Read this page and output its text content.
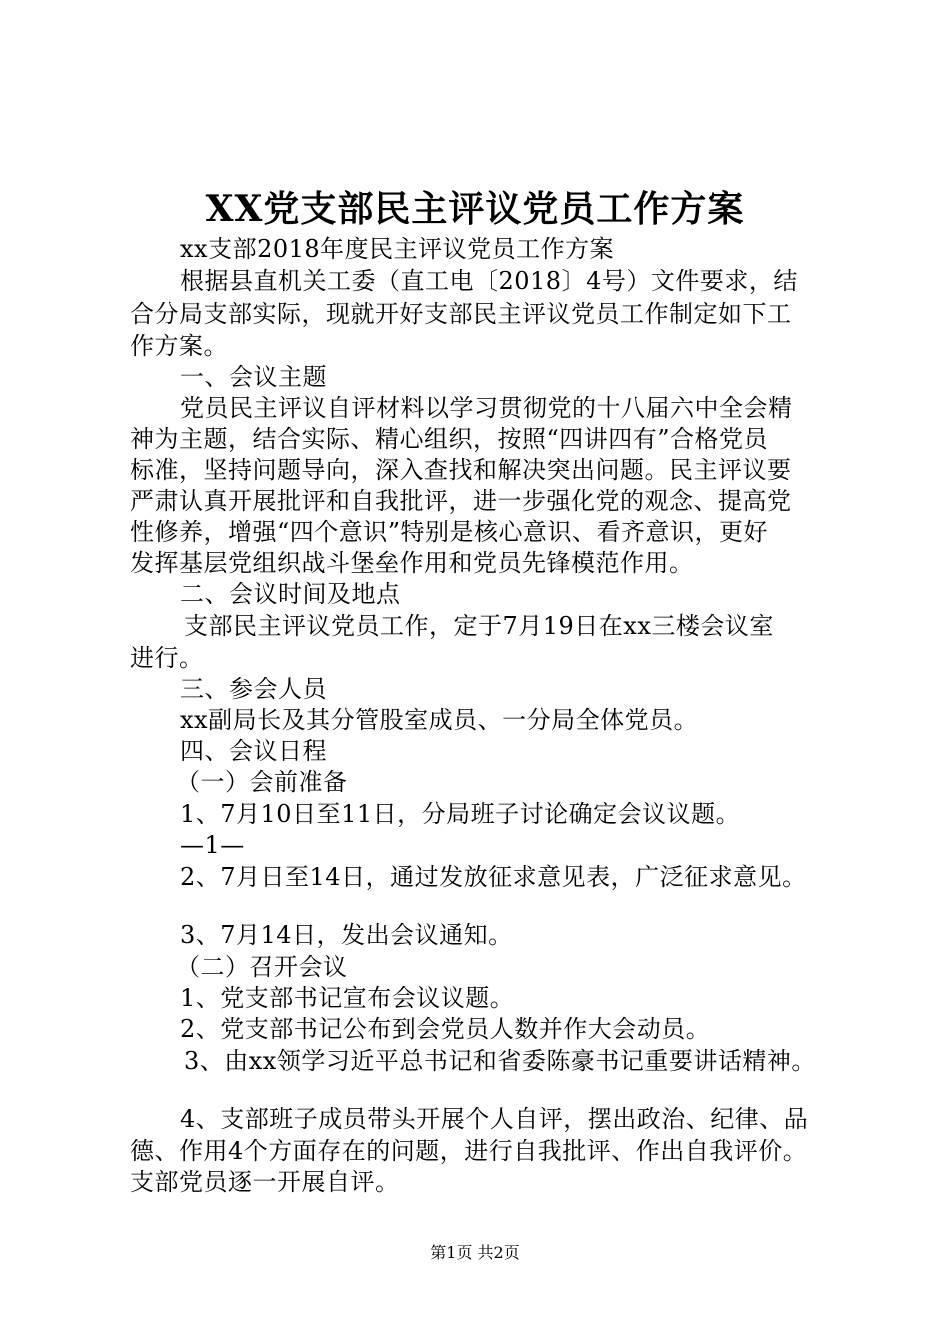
XX党支部民主评议党员工作方案

xx支部2018年度民主评议党员工作方案

根据县直机关工委（直工电〔2018〕4号）文件要求，结

合分局支部实际，现就开好支部民主评议党员工作制定如下工

作方案。

一、会议主题

党员民主评议自评材料以学习贯彻党的十八届六中全会精

神为主题，结合实际、精心组织，按照“四讲四有”合格党员

标准，坚持问题导向，深入查找和解决突出问题。民主评议要

严肃认真开展批评和自我批评，进一步强化党的观念、提高党

性修养，增强“四个意识”特别是核心意识、看齐意识，更好

发挥基层党组织战斗堡垒作用和党员先锋模范作用。

二、会议时间及地点

支部民主评议党员工作，定于7月19日在xx三楼会议室

进行。

三、参会人员

xx副局长及其分管股室成员、一分局全体党员。

四、会议日程

（一）会前准备

1、7月10日至11日，分局班子讨论确定会议议题。

—1—

2、7月日至14日，通过发放征求意见表，广泛征求意见。

3、7月14日，发出会议通知。

（二）召开会议

1、党支部书记宣布会议议题。

2、党支部书记公布到会党员人数并作大会动员。

3、由xx领学习近平总书记和省委陈豪书记重要讲话精神。

4、支部班子成员带头开展个人自评，摆出政治、纪律、品

德、作用4个方面存在的问题，进行自我批评、作出自我评价。

支部党员逐一开展自评。

第1页 共2页
